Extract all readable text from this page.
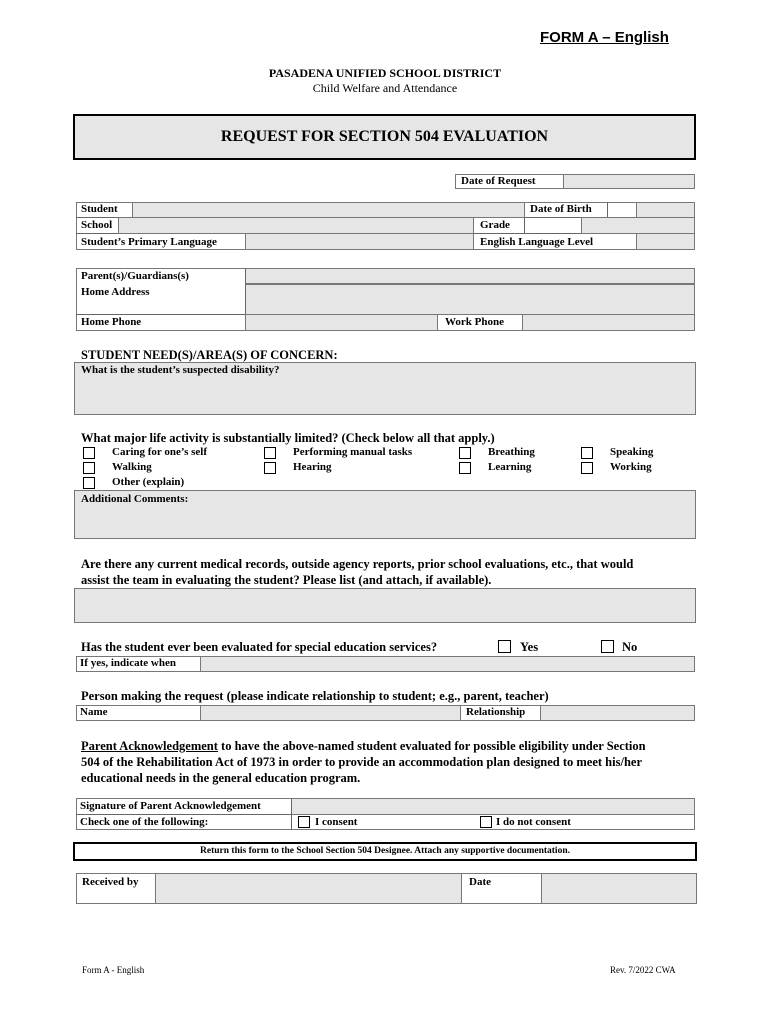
FORM A – English
PASADENA UNIFIED SCHOOL DISTRICT
Child Welfare and Attendance
REQUEST FOR SECTION 504 EVALUATION
Date of Request
Student	Date of Birth
School	Grade
Student’s Primary Language	English Language Level
Parent(s)/Guardians(s)
Home Address
Home Phone	Work Phone
STUDENT NEED(S)/AREA(S) OF CONCERN:
What is the student’s suspected disability?
What major life activity is substantially limited? (Check below all that apply.)
Caring for one’s self
Walking
Other (explain)
Performing manual tasks
Hearing
Breathing
Learning
Speaking
Working
Additional Comments:
Are there any current medical records, outside agency reports, prior school evaluations, etc., that would
assist the team in evaluating the student? Please list (and attach, if available).
Has the student ever been evaluated for special education services?	Yes	No
If yes, indicate when
Person making the request (please indicate relationship to student; e.g., parent, teacher)
Name	Relationship
Parent Acknowledgement to have the above-named student evaluated for possible eligibility under Section
504 of the Rehabilitation Act of 1973 in order to provide an accommodation plan designed to meet his/her
educational needs in the general education program.
Signature of Parent Acknowledgement
Check one of the following:	I consent	I do not consent
Return this form to the School Section 504 Designee. Attach any supportive documentation.
Received by	Date
Form A - English	Rev. 7/2022 CWA
